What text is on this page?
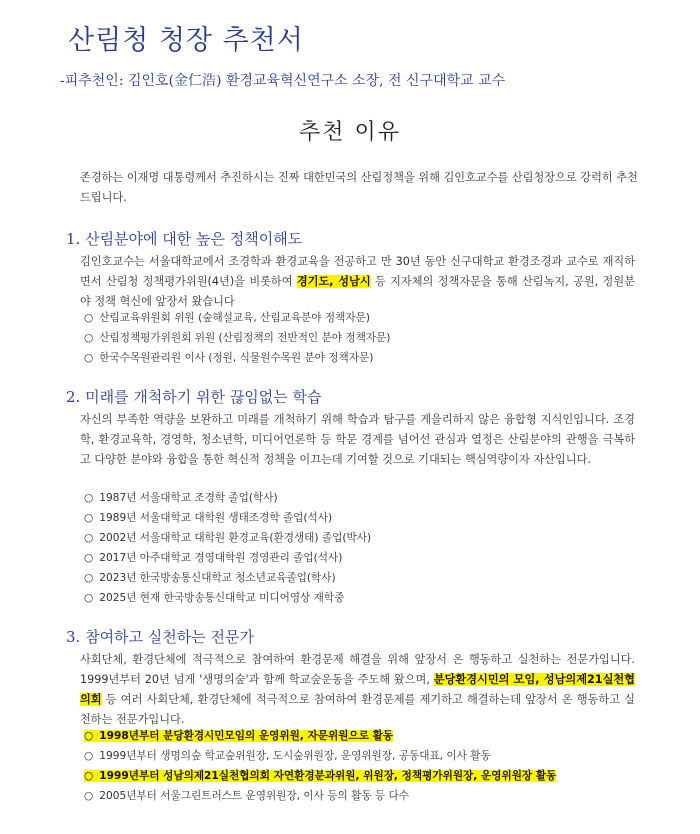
산림청 청장 추천서
-피추천인: 김인호(金仁浩) 환경교육혁신연구소 소장, 전 신구대학교 교수
추천 이유
존경하는 이재명 대통령께서 추진하시는 진짜 대한민국의 산림정책을 위해 김인호교수를 산림청장으로 강력히 추천드립니다.
1. 산림분야에 대한 높은 정책이해도
김인호교수는 서울대학교에서 조경학과 환경교육을 전공하고 만 30년 동안 신구대학교 환경조경과 교수로 재직하면서 산림청 정책평가위원(4년)을 비롯하여 경기도, 성남시 등 지자체의 정책자문을 통해 산림녹지, 공원, 정원분야 정책 혁신에 앞장서 왔습니다
○ 산림교육위원회 위원 (숲해설교육, 산림교육분야 정책자문)
○ 산림정책평가위원회 위원 (산림정책의 전반적인 분야 정책자문)
○ 한국수목원관리원 이사 (정원, 식물원수목원 분야 정책자문)
2. 미래를 개척하기 위한 끊임없는 학습
자신의 부족한 역량을 보완하고 미래를 개척하기 위해 학습과 탐구를 게을리하지 않은 융합형 지식인입니다. 조경학, 환경교육학, 경영학, 청소년학, 미디어언론학 등 학문 경계를 넘어선 관심과 열정은 산림분야의 관행을 극복하고 다양한 분야와 융합을 통한 혁신적 정책을 이끄는데 기여할 것으로 기대되는 핵심역량이자 자산입니다.
○ 1987년 서울대학교 조경학 졸업(학사)
○ 1989년 서울대학교 대학원 생태조경학 졸업(석사)
○ 2002년 서울대학교 대학원 환경교육(환경생태) 졸업(박사)
○ 2017년 아주대학교 경영대학원 경영관리 졸업(석사)
○ 2023년 한국방송통신대학교 청소년교육졸업(학사)
○ 2025년 현재 한국방송통신대학교 미디어영상 재학중
3. 참여하고 실천하는 전문가
사회단체, 환경단체에 적극적으로 참여하여 환경문제 해결을 위해 앞장서 온 행동하고 실천하는 전문가입니다. 1999년부터 20년 넘게 '생명의숲'과 함께 학교숲운동을 주도해 왔으며, 분당환경시민의 모임, 성남의제21실천협의회 등 여러 사회단체, 환경단체에 적극적으로 참여하여 환경문제를 제기하고 해결하는데 앞장서 온 행동하고 실천하는 전문가입니다.
○ 1998년부터 분당환경시민모임의 운영위원, 자문위원으로 활동
○ 1999년부터 생명의숲 학교숲위원장, 도시숲위원장, 운영위원장, 공동대표, 이사 활동
○ 1999년부터 성남의제21실천협의회 자연환경분과위원, 위원장, 정책평가위원장, 운영위원장 활동
○ 2005년부터 서울그린트러스트 운영위원장, 이사 등의 활동 등 다수
